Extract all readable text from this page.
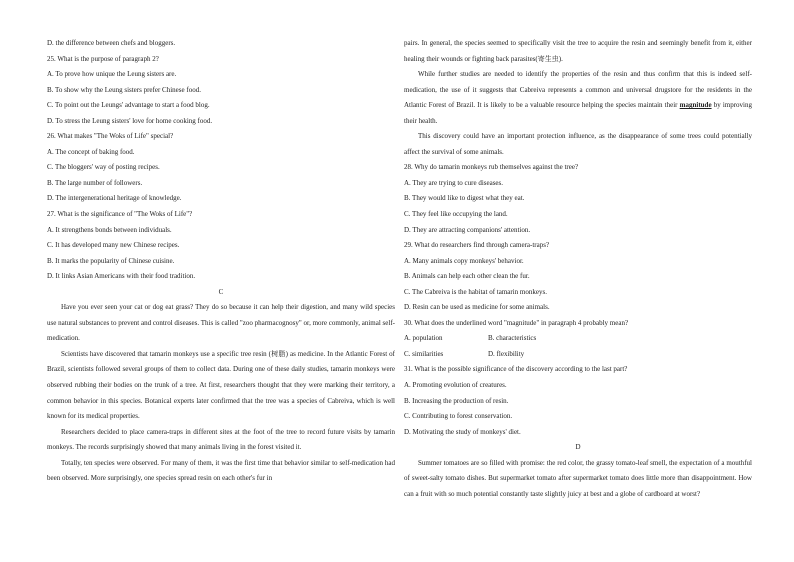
D. the difference between chefs and bloggers.
25. What is the purpose of paragraph 2?
A. To prove how unique the Leung sisters are.
B. To show why the Leung sisters prefer Chinese food.
C. To point out the Leungs' advantage to start a food blog.
D. To stress the Leung sisters' love for home cooking food.
26. What makes "The Woks of Life" special?
A. The concept of baking food.
C. The bloggers' way of posting recipes.
B. The large number of followers.
D. The intergenerational heritage of knowledge.
27. What is the significance of "The Woks of Life"?
A. It strengthens bonds between individuals.
C. It has developed many new Chinese recipes.
B. It marks the popularity of Chinese cuisine.
D. It links Asian Americans with their food tradition.
C
Have you ever seen your cat or dog eat grass? They do so because it can help their digestion, and many wild species use natural substances to prevent and control diseases. This is called "zoo pharmacognosy" or, more commonly, animal self-medication.
Scientists have discovered that tamarin monkeys use a specific tree resin (树脂) as medicine. In the Atlantic Forest of Brazil, scientists followed several groups of them to collect data. During one of these daily studies, tamarin monkeys were observed rubbing their bodies on the trunk of a tree. At first, researchers thought that they were marking their territory, a common behavior in this species. Botanical experts later confirmed that the tree was a species of Cabreiva, which is well known for its medical properties.
Researchers decided to place camera-traps in different sites at the foot of the tree to record future visits by tamarin monkeys. The records surprisingly showed that many animals living in the forest visited it.
Totally, ten species were observed. For many of them, it was the first time that behavior similar to self-medication had been observed. More surprisingly, one species spread resin on each other's fur in
pairs. In general, the species seemed to specifically visit the tree to acquire the resin and seemingly benefit from it, either healing their wounds or fighting back parasites(寄生虫).
While further studies are needed to identify the properties of the resin and thus confirm that this is indeed self-medication, the use of it suggests that Cabreiva represents a common and universal drugstore for the residents in the Atlantic Forest of Brazil. It is likely to be a valuable resource helping the species maintain their magnitude by improving their health.
This discovery could have an important protection influence, as the disappearance of some trees could potentially affect the survival of some animals.
28. Why do tamarin monkeys rub themselves against the tree?
A. They are trying to cure diseases.
B. They would like to digest what they eat.
C. They feel like occupying the land.
D. They are attracting companions' attention.
29. What do researchers find through camera-traps?
A. Many animals copy monkeys' behavior.
B. Animals can help each other clean the fur.
C. The Cabreiva is the habitat of tamarin monkeys.
D. Resin can be used as medicine for some animals.
30. What does the underlined word "magnitude" in paragraph 4 probably mean?
A. population	B. characteristics
C. similarities	D. flexibility
31. What is the possible significance of the discovery according to the last part?
A. Promoting evolution of creatures.
B. Increasing the production of resin.
C. Contributing to forest conservation.
D. Motivating the study of monkeys' diet.
D
Summer tomatoes are so filled with promise: the red color, the grassy tomato-leaf smell, the expectation of a mouthful of sweet-salty tomato dishes. But supermarket tomato after supermarket tomato does little more than disappointment. How can a fruit with so much potential constantly taste slightly juicy at best and a globe of cardboard at worst?
